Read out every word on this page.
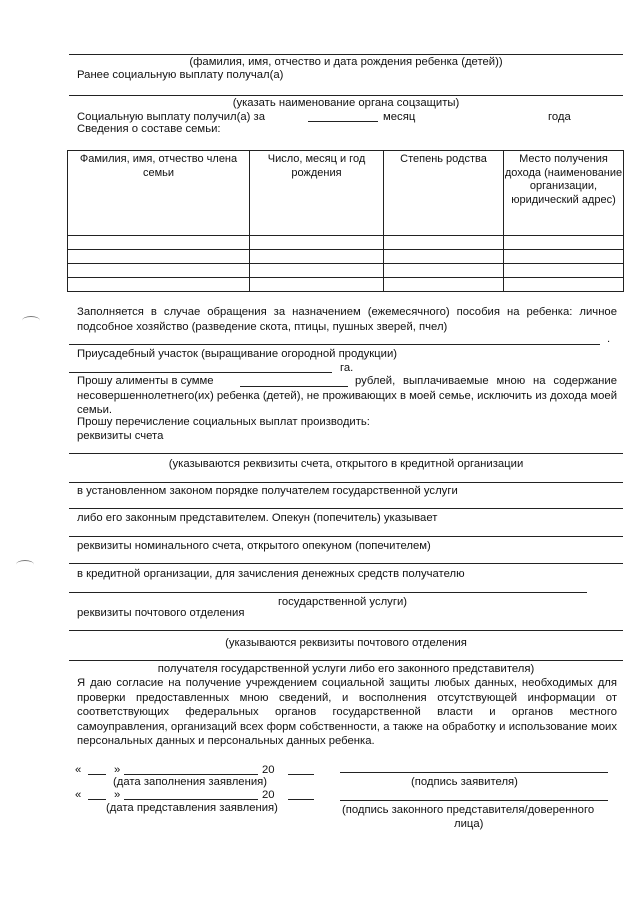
(фамилия, имя, отчество и дата рождения ребенка (детей))
Ранее социальную выплату получал(а)
(указать наименование органа соцзащиты)
Социальную выплату получил(а) за	месяц	года
Сведения о составе семьи:
Фамилия, имя, отчество члена семьи	Число, месяц и год рождения	Степень родства	Место получения дохода (наименование организации, юридический адрес)

Заполняется в случае обращения за назначением (ежемесячного) пособия на ребенка: личное подсобное хозяйство (разведение скота, птицы, пушных зверей, пчел)
.
Приусадебный участок (выращивание огородной продукции)
га.
Прошу алименты в сумме	рублей, выплачиваемые мною на содержание несовершеннолетнего(их) ребенка (детей), не проживающих в моей семье, исключить из дохода моей семьи.
Прошу перечисление социальных выплат производить:
реквизиты счета
(указываются реквизиты счета, открытого в кредитной организации
в установленном законом порядке получателем государственной услуги
либо его законным представителем. Опекун (попечитель) указывает
реквизиты номинального счета, открытого опекуном (попечителем)
в кредитной организации, для зачисления денежных средств получателю
государственной услуги)
реквизиты почтового отделения
(указываются реквизиты почтового отделения
получателя государственной услуги либо его законного представителя)
Я даю согласие на получение учреждением социальной защиты любых данных, необходимых для проверки предоставленных мною сведений, и восполнения отсутствующей информации от соответствующих федеральных органов государственной власти и органов местного самоуправления, организаций всех форм собственности, а также на обработку и использование моих персональных данных и персональных данных ребенка.
«	»	20
(дата заполнения заявления)	(подпись заявителя)
«	»	20
(дата представления заявления)	(подпись законного представителя/доверенного
лица)
